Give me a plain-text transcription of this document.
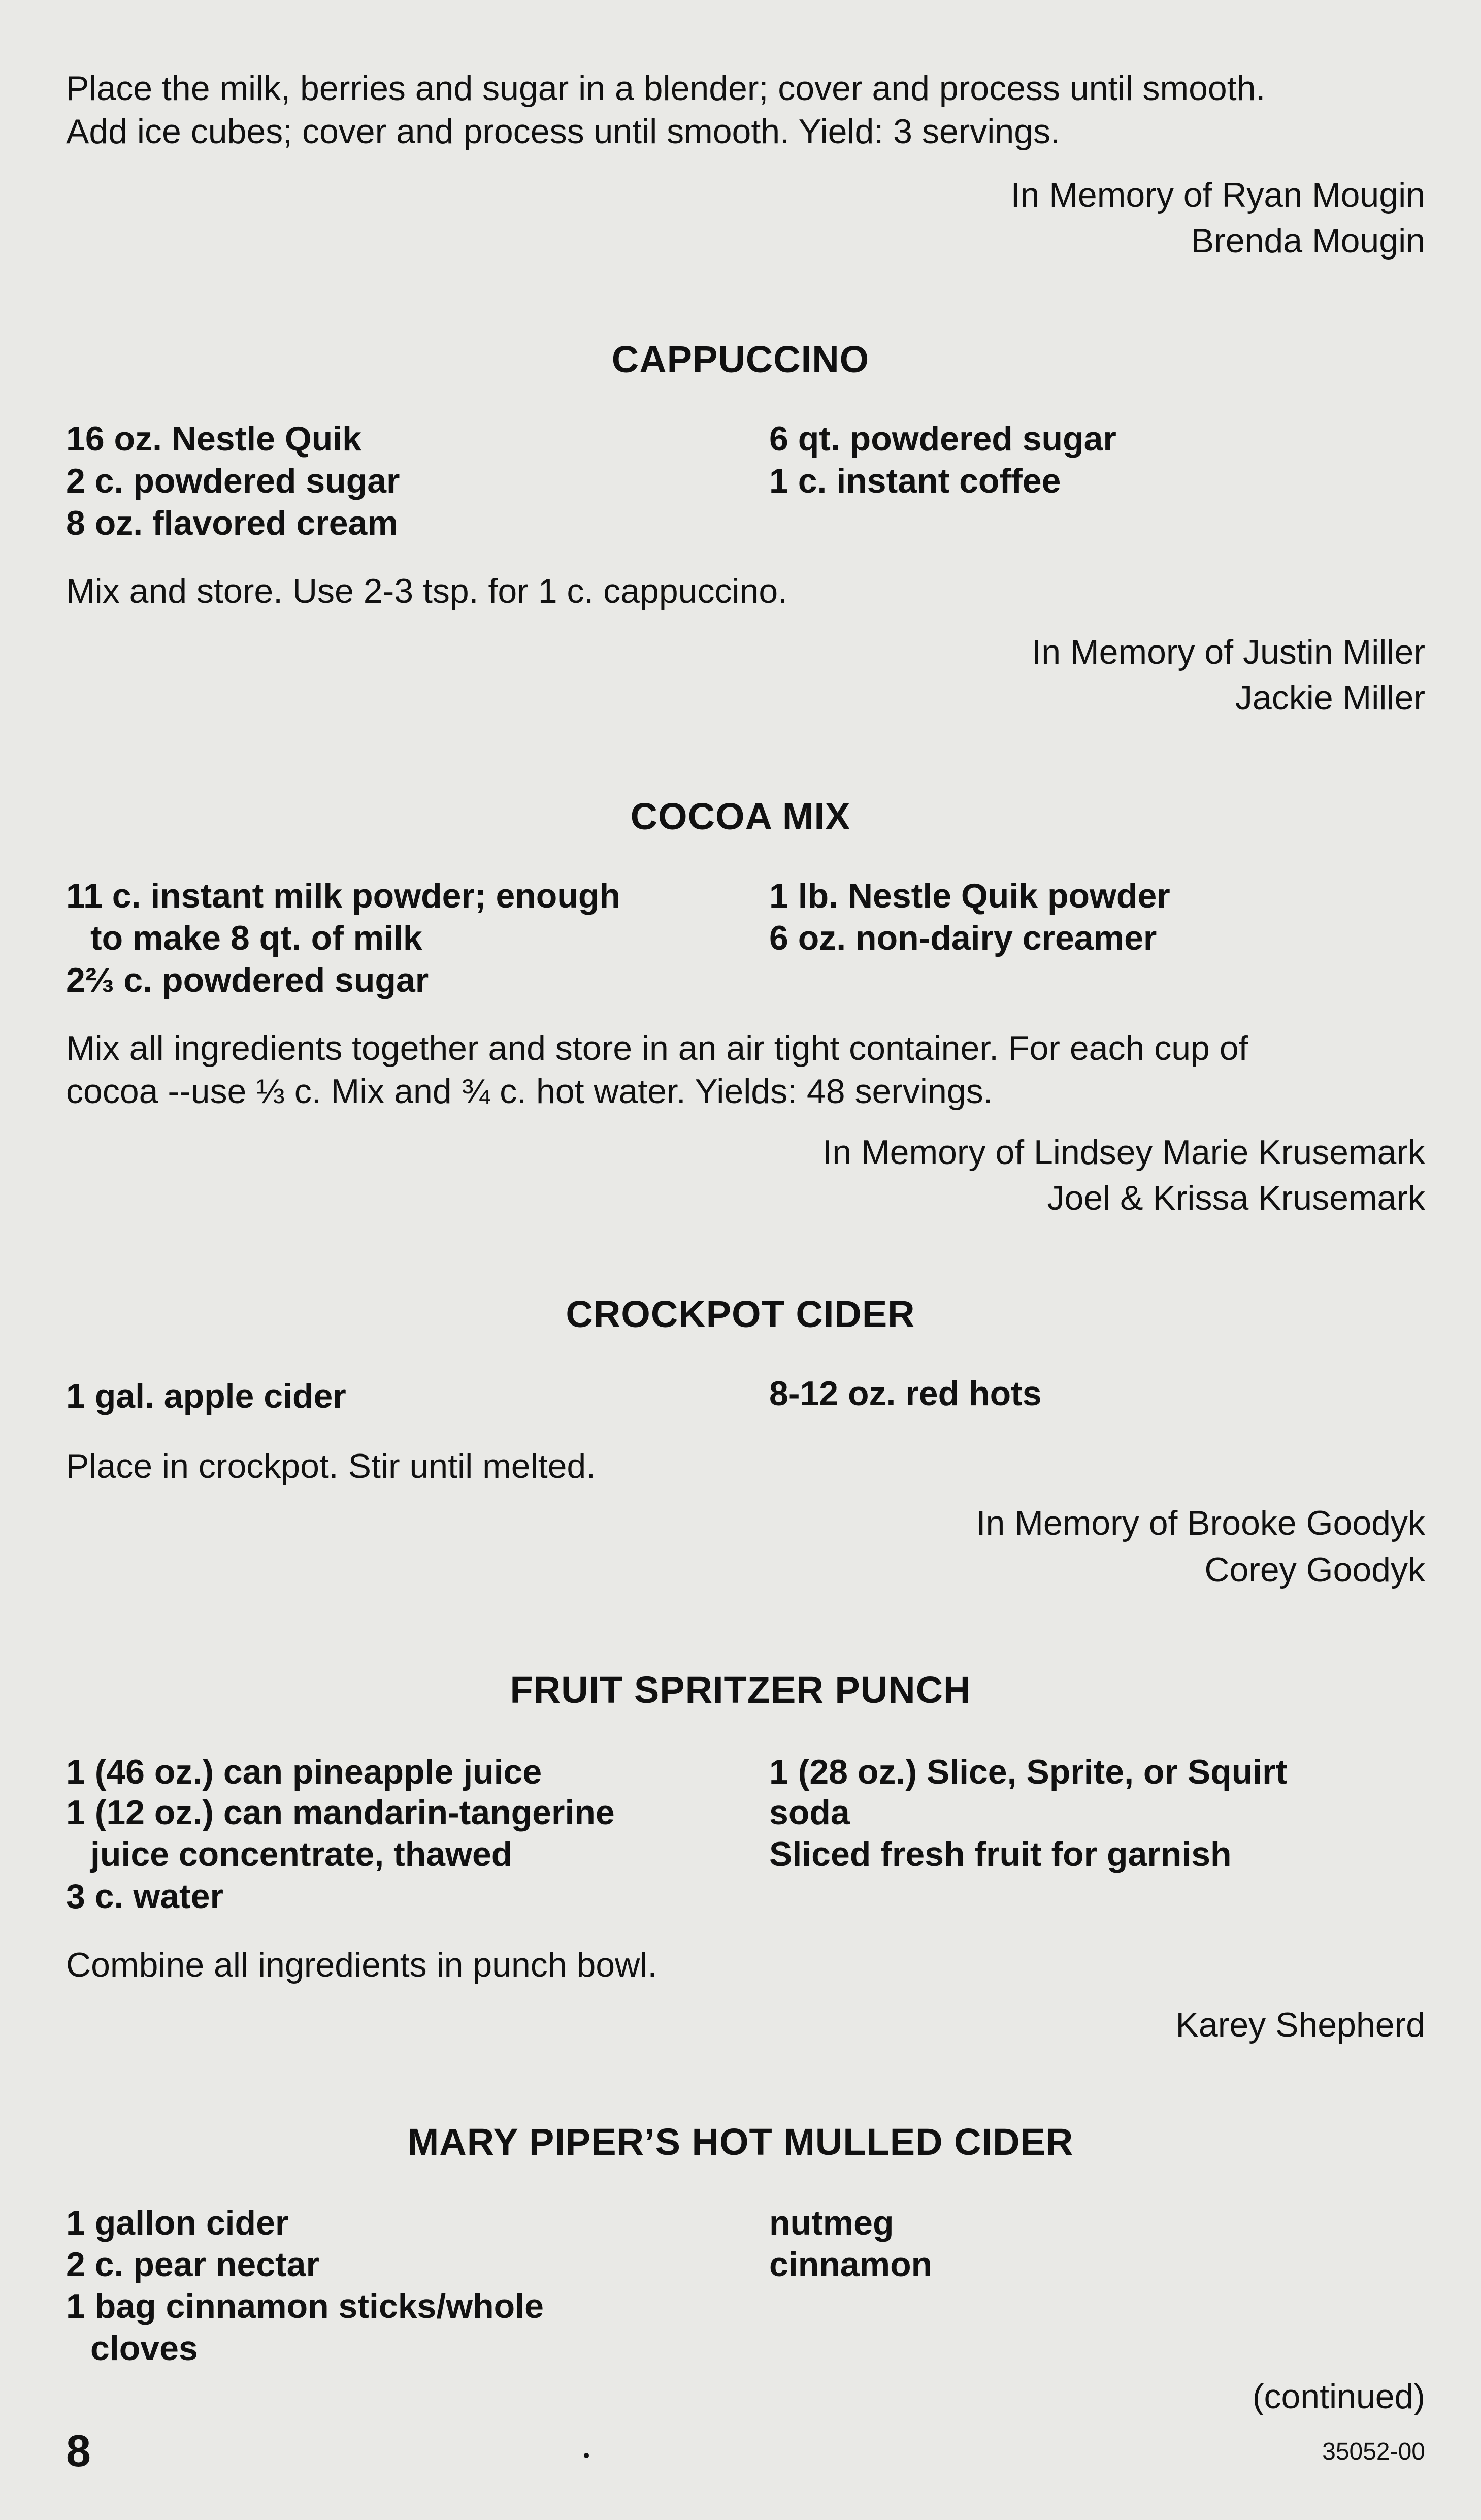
Place the milk, berries and sugar in a blender; cover and process until smooth.
Add ice cubes; cover and process until smooth. Yield: 3 servings.
In Memory of Ryan Mougin
Brenda Mougin
CAPPUCCINO
16 oz. Nestle Quik
2 c. powdered sugar
8 oz. flavored cream
6 qt. powdered sugar
1 c. instant coffee
Mix and store. Use 2-3 tsp. for 1 c. cappuccino.
In Memory of Justin Miller
Jackie Miller
COCOA MIX
11 c. instant milk powder; enough
to make 8 qt. of milk
2⅔ c. powdered sugar
1 lb. Nestle Quik powder
6 oz. non-dairy creamer
Mix all ingredients together and store in an air tight container. For each cup of
cocoa --use ⅓ c. Mix and ¾ c. hot water. Yields: 48 servings.
In Memory of Lindsey Marie Krusemark
Joel & Krissa Krusemark
CROCKPOT CIDER
1 gal. apple cider	8-12 oz. red hots
Place in crockpot. Stir until melted.
In Memory of Brooke Goodyk
Corey Goodyk
FRUIT SPRITZER PUNCH
1 (46 oz.) can pineapple juice
1 (12 oz.) can mandarin-tangerine
juice concentrate, thawed
3 c. water
1 (28 oz.) Slice, Sprite, or Squirt
soda
Sliced fresh fruit for garnish
Combine all ingredients in punch bowl.
Karey Shepherd
MARY PIPER’S HOT MULLED CIDER
1 gallon cider
2 c. pear nectar
1 bag cinnamon sticks/whole
cloves
nutmeg
cinnamon
(continued)
8	35052-00
